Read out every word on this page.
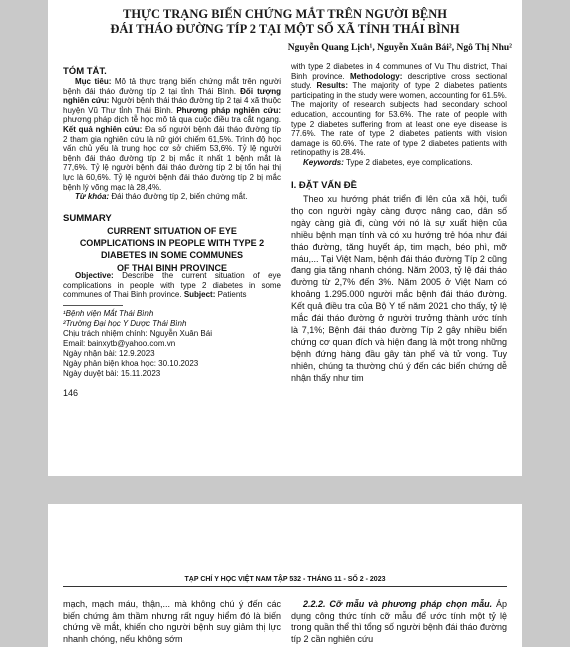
THỰC TRẠNG BIẾN CHỨNG MẮT TRÊN NGƯỜI BỆNH
ĐÁI THÁO ĐƯỜNG TÍP 2 TẠI MỘT SỐ XÃ TỈNH THÁI BÌNH
Nguyễn Quang Lịch¹, Nguyễn Xuân Bái², Ngô Thị Nhu²
TÓM TẮT.

Mục tiêu: Mô tả thực trạng biến chứng mắt trên người bệnh đái tháo đường típ 2 tại tỉnh Thái Bình. Đối tượng nghiên cứu: Người bệnh thái tháo đường típ 2 tại 4 xã thuộc huyện Vũ Thư tỉnh Thái Bình. Phương pháp nghiên cứu: phương pháp dịch tễ học mô tả qua cuộc điều tra cắt ngang. Kết quả nghiên cứu: Đa số người bệnh đái tháo đường típ 2 tham gia nghiên cứu là nữ giới chiếm 61,5%. Trình độ học vấn chủ yếu là trung học cơ sở chiếm 53,6%. Tỷ lệ người bệnh đái tháo đường típ 2 bị mắc ít nhất 1 bệnh mắt là 77,6%. Tỷ lệ người bệnh đái tháo đường típ 2 bị tổn hại thị lực là 60,6%. Tỷ lệ người bệnh đái tháo đường típ 2 bị mắc bệnh lý võng mạc là 28,4%.

Từ khóa: Đái tháo đường típ 2, biến chứng mắt.

SUMMARY
CURRENT SITUATION OF EYE
COMPLICATIONS IN PEOPLE WITH TYPE 2
DIABETES IN SOME COMMUNES
OF THAI BINH PROVINCE

Objective: Describe the current situation of eye complications in people with type 2 diabetes in some communes of Thai Binh province. Subject: Patients

¹Bệnh viện Mắt Thái Bình
²Trường Đại học Y Dược Thái Bình
Chịu trách nhiệm chính: Nguyễn Xuân Bái
Email: bainxytb@yahoo.com.vn
Ngày nhận bài: 12.9.2023
Ngày phản biện khoa học: 30.10.2023
Ngày duyệt bài: 15.11.2023
146

with type 2 diabetes in 4 communes of Vu Thu district, Thai Binh province. Methodology: descriptive cross sectional study. Results: The majority of type 2 diabetes patients participating in the study were women, accounting for 61.5%. The majority of research subjects had secondary school education, accounting for 53.6%. The rate of people with type 2 diabetes suffering from at least one eye disease is 77.6%. The rate of type 2 diabetes patients with vision damage is 60.6%. The rate of type 2 diabetes patients with retinopathy is 28.4%.

Keywords: Type 2 diabetes, eye complications.

I. ĐẶT VẤN ĐỀ
Theo xu hướng phát triển đi lên của xã hội, tuổi thọ con người ngày càng được nâng cao, dân số ngày càng già đi, cùng với nó là sự xuất hiện của nhiều bệnh mạn tính và có xu hướng trẻ hóa như đái tháo đường, tăng huyết áp, tim mạch, béo phì, mỡ máu,... Tại Việt Nam, bệnh đái tháo đường Típ 2 cũng đang gia tăng nhanh chóng. Năm 2003, tỷ lệ đái tháo đường từ 2,7% đến 3%. Năm 2005 ở Việt Nam có khoảng 1.295.000 người mắc bệnh đái tháo đường. Kết quả điều tra của Bộ Y tế năm 2021 cho thấy, tỷ lệ mắc đái tháo đường ở người trưởng thành ước tính là 7,1%; Bệnh đái tháo đường Típ 2 gây nhiều biến chứng cơ quan đích và hiện đang là một trong những bệnh đứng hàng đầu gây tàn phế và tử vong. Tuy nhiên, chúng ta thường chú ý đến các biến chứng dễ nhận thấy như tim
TẠP CHÍ Y HỌC VIỆT NAM TẬP 532 - THÁNG 11 - SỐ 2 - 2023
mạch, mạch máu, thận,... mà không chú ý đến các biến chứng âm thầm nhưng rất nguy hiểm đó là biến chứng về mắt, khiến cho người bệnh suy giảm thị lực nhanh chóng, nếu không sớm
2.2.2. Cỡ mẫu và phương pháp chọn mẫu. Áp dụng công thức tính cỡ mẫu để ước tính một tỷ lệ trong quần thể thì tổng số người bệnh đái tháo đường típ 2 cần nghiên cứu
